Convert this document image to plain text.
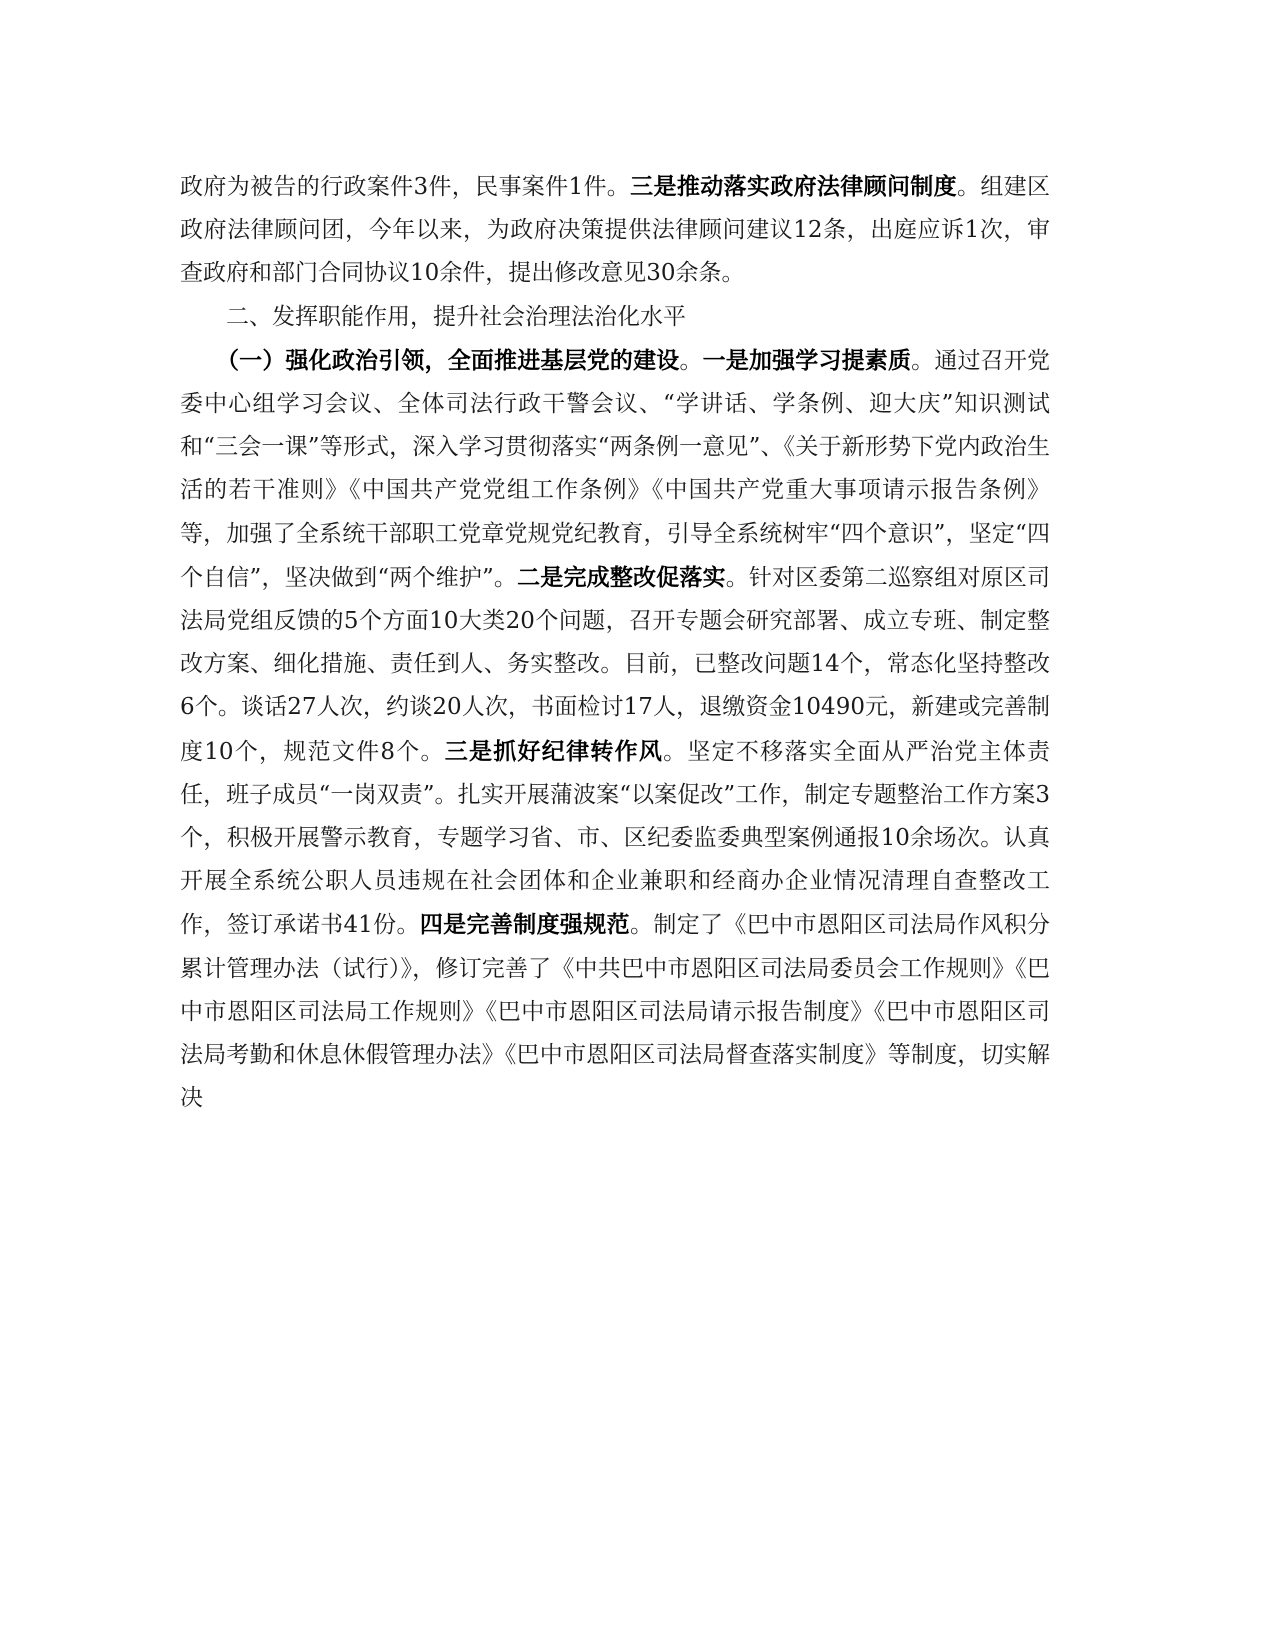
政府为被告的行政案件3件，民事案件1件。三是推动落实政府法律顾问制度。组建区政府法律顾问团，今年以来，为政府决策提供法律顾问建议12条，出庭应诉1次，审查政府和部门合同协议10余件，提出修改意见30余条。

二、发挥职能作用，提升社会治理法治化水平

（一）强化政治引领，全面推进基层党的建设。一是加强学习提素质。通过召开党委中心组学习会议、全体司法行政干警会议、“学讲话、学条例、迎大庆”知识测试和“三会一课”等形式，深入学习贯彻落实“两条例一意见”、《关于新形势下党内政治生活的若干准则》《中国共产党党组工作条例》《中国共产党重大事项请示报告条例》等，加强了全系统干部职工党章党规党纪教育，引导全系统树牢“四个意识”，坚定“四个自信”，坚决做到“两个维护”。二是完成整改促落实。针对区委第二巡察组对原区司法局党组反馈的5个方面10大类20个问题，召开专题会研究部署、成立专班、制定整改方案、细化措施、责任到人、务实整改。目前，已整改问题14个，常态化坚持整改6个。谈话27人次，约谈20人次，书面检讨17人，退缴资金10490元，新建或完善制度10个，规范文件8个。三是抓好纪律转作风。坚定不移落实全面从严治党主体责任，班子成员“一岗双责”。扎实开展蒲波案“以案促改”工作，制定专题整治工作方案3个，积极开展警示教育，专题学习省、市、区纪委监委典型案例通报10余场次。认真开展全系统公职人员违规在社会团体和企业兼职和经商办企业情况清理自查整改工作，签订承诺书41份。四是完善制度强规范。制定了《巴中市恩阳区司法局作风积分累计管理办法（试行）》，修订完善了《中共巴中市恩阳区司法局委员会工作规则》《巴中市恩阳区司法局工作规则》《巴中市恩阳区司法局请示报告制度》《巴中市恩阳区司法局考勤和休息休假管理办法》《巴中市恩阳区司法局督查落实制度》等制度，切实解决
